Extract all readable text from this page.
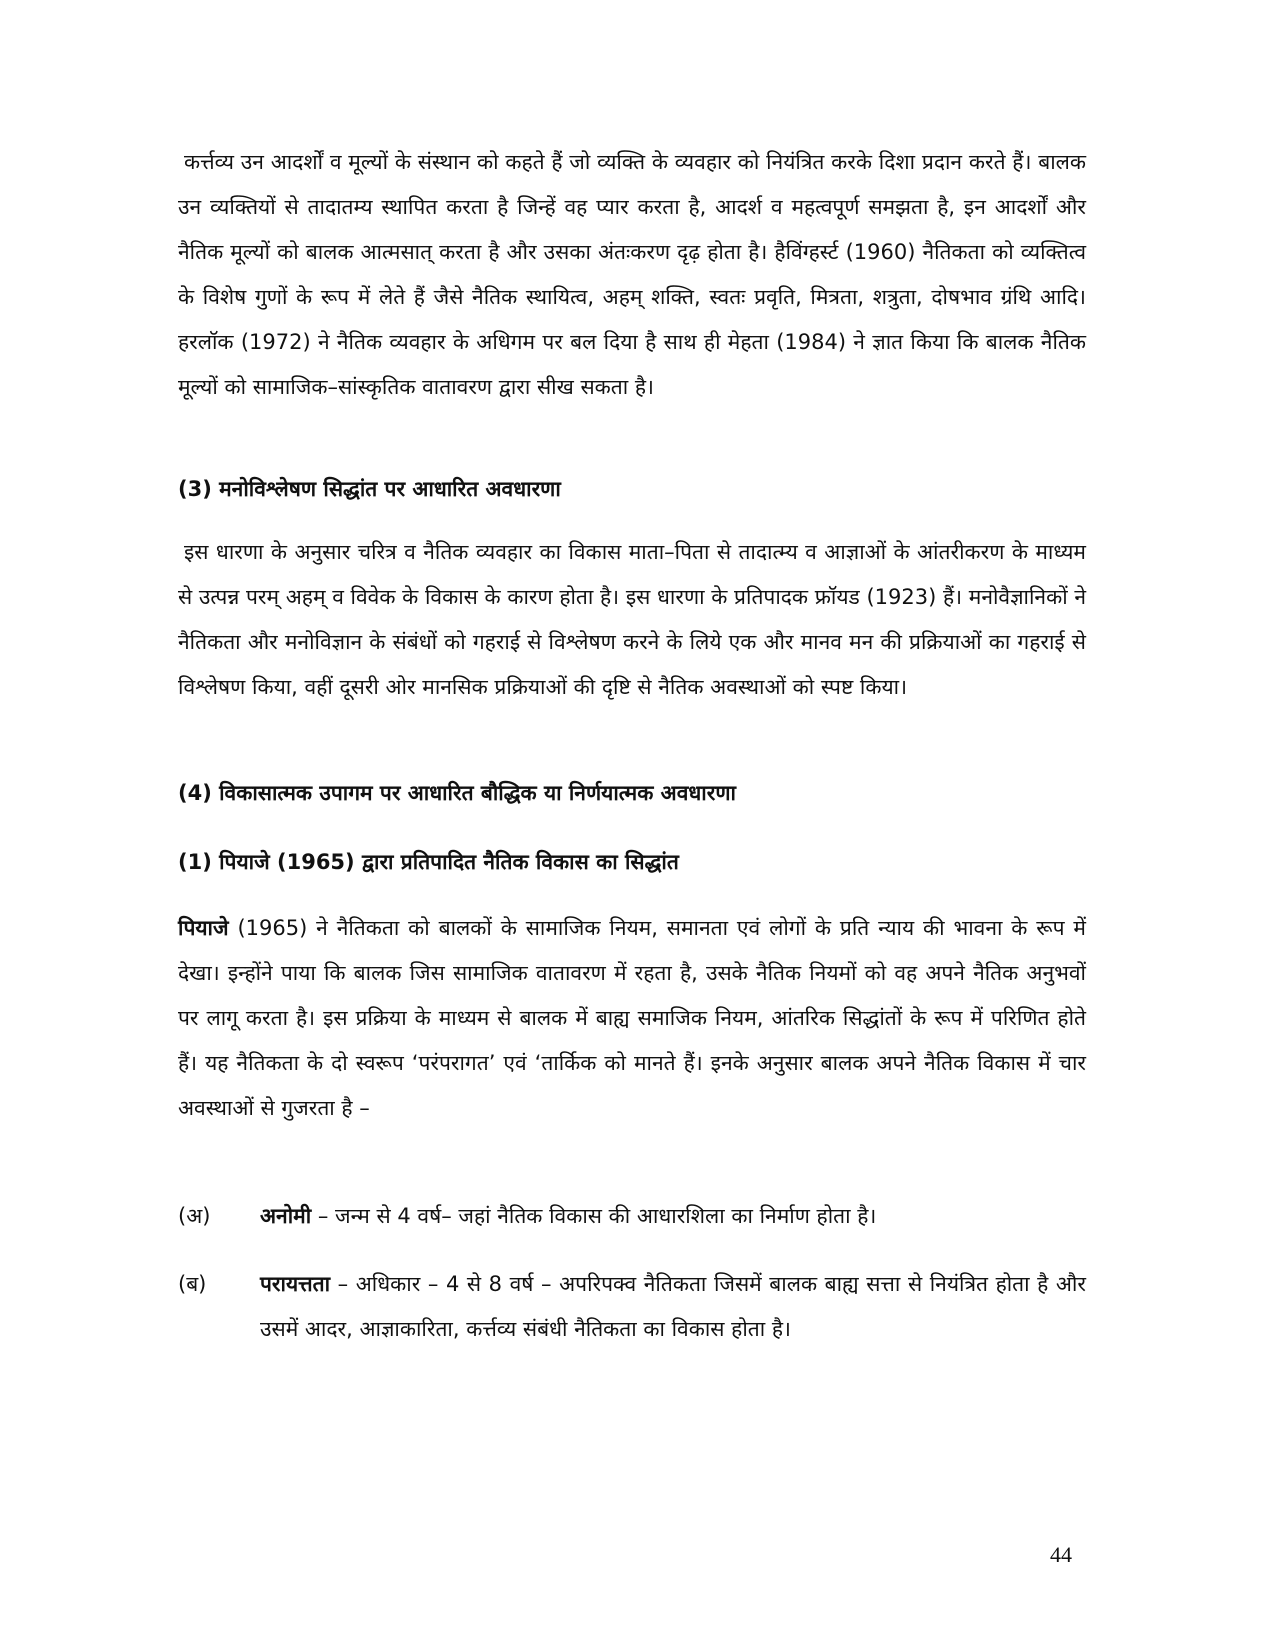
कर्त्तव्य उन आदर्शों व मूल्यों के संस्थान को कहते हैं जो व्यक्ति के व्यवहार को नियंत्रित करके दिशा प्रदान करते हैं। बालक उन व्यक्तियों से तादातम्य स्थापित करता है जिन्हें वह प्यार करता है, आदर्श व महत्वपूर्ण समझता है, इन आदर्शों और नैतिक मूल्यों को बालक आत्मसात् करता है और उसका अंतःकरण दृढ़ होता है। हैविंग्हर्स्ट (1960) नैतिकता को व्यक्तित्व के विशेष गुणों के रूप में लेते हैं जैसे नैतिक स्थायित्व, अहम् शक्ति, स्वतः प्रवृति, मित्रता, शत्रुता, दोषभाव ग्रंथि आदि। हरलॉक (1972) ने नैतिक व्यवहार के अधिगम पर बल दिया है साथ ही मेहता (1984) ने ज्ञात किया कि बालक नैतिक मूल्यों को सामाजिक–सांस्कृतिक वातावरण द्वारा सीख सकता है।

(3) मनोविश्लेषण सिद्धांत पर आधारित अवधारणा

इस धारणा के अनुसार चरित्र व नैतिक व्यवहार का विकास माता–पिता से तादात्म्य व आज्ञाओं के आंतरीकरण के माध्यम से उत्पन्न परम् अहम् व विवेक के विकास के कारण होता है। इस धारणा के प्रतिपादक फ्रॉयड (1923) हैं। मनोवैज्ञानिकों ने नैतिकता और मनोविज्ञान के संबंधों को गहराई से विश्लेषण करने के लिये एक और मानव मन की प्रक्रियाओं का गहराई से विश्लेषण किया, वहीं दूसरी ओर मानसिक प्रक्रियाओं की दृष्टि से नैतिक अवस्थाओं को स्पष्ट किया।

(4) विकासात्मक उपागम पर आधारित बौद्धिक या निर्णयात्मक अवधारणा
(1) पियाजे (1965) द्वारा प्रतिपादित नैतिक विकास का सिद्धांत

पियाजे (1965) ने नैतिकता को बालकों के सामाजिक नियम, समानता एवं लोगों के प्रति न्याय की भावना के रूप में देखा। इन्होंने पाया कि बालक जिस सामाजिक वातावरण में रहता है, उसके नैतिक नियमों को वह अपने नैतिक अनुभवों पर लागू करता है। इस प्रक्रिया के माध्यम से बालक में बाह्य समाजिक नियम, आंतरिक सिद्धांतों के रूप में परिणित होते हैं। यह नैतिकता के दो स्वरूप ‘परंपरागत’ एवं ‘तार्किक को मानते हैं। इनके अनुसार बालक अपने नैतिक विकास में चार अवस्थाओं से गुजरता है –

(अ) अनोमी – जन्म से 4 वर्ष– जहां नैतिक विकास की आधारशिला का निर्माण होता है।
(ब)	परायत्तता – अधिकार – 4 से 8 वर्ष – अपरिपक्व नैतिकता जिसमें बालक बाह्य सत्ता से नियंत्रित होता है और उसमें आदर, आज्ञाकारिता, कर्त्तव्य संबंधी नैतिकता का विकास होता है।
44
